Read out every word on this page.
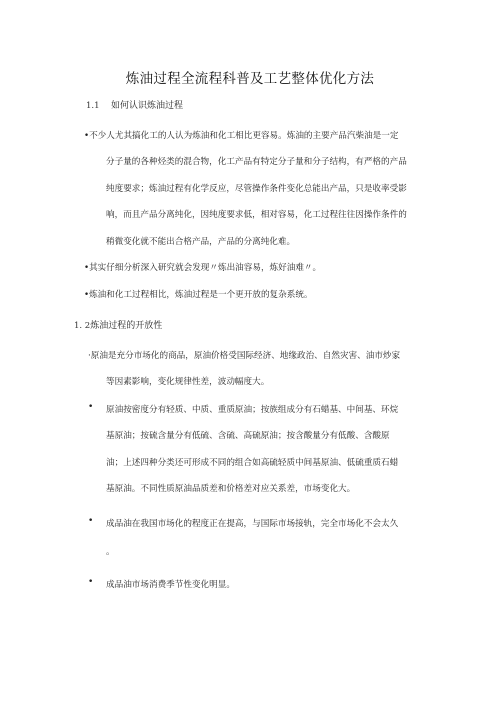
炼油过程全流程科普及工艺整体优化方法
1.1 如何认识炼油过程
•不少人尤其搞化工的人认为炼油和化工相比更容易。炼油的主要产品汽柴油是一定
分子量的各种烃类的混合物，化工产品有特定分子量和分子结构，有严格的产品
纯度要求；炼油过程有化学反应，尽管操作条件变化总能出产品，只是收率受影
响，而且产品分离纯化，因纯度要求低，相对容易，化工过程往往因操作条件的
稍微变化就不能出合格产品，产品的分离纯化难。
•其实仔细分析深入研究就会发现〃炼出油容易，炼好油难〃。
•炼油和化工过程相比，炼油过程是一个更开放的复杂系统。
1. 2炼油过程的开放性
·原油是充分市场化的商品，原油价格受国际经济、地缘政治、自然灾害、油市炒家
等因素影响，变化规律性差，波动幅度大。
• 原油按密度分有轻质、中质、重质原油；按族组成分有石蜡基、中间基、环烷
基原油；按硫含量分有低硫、含硫、高硫原油；按含酸量分有低酸、含酸原
油；上述四种分类还可形成不同的组合如高硫轻质中间基原油、低硫重质石蜡
基原油。不同性质原油品质差和价格差对应关系差，市场变化大。
• 成品油在我国市场化的程度正在提高，与国际市场接轨，完全市场化不会太久
。
• 成品油市场消费季节性变化明显。
